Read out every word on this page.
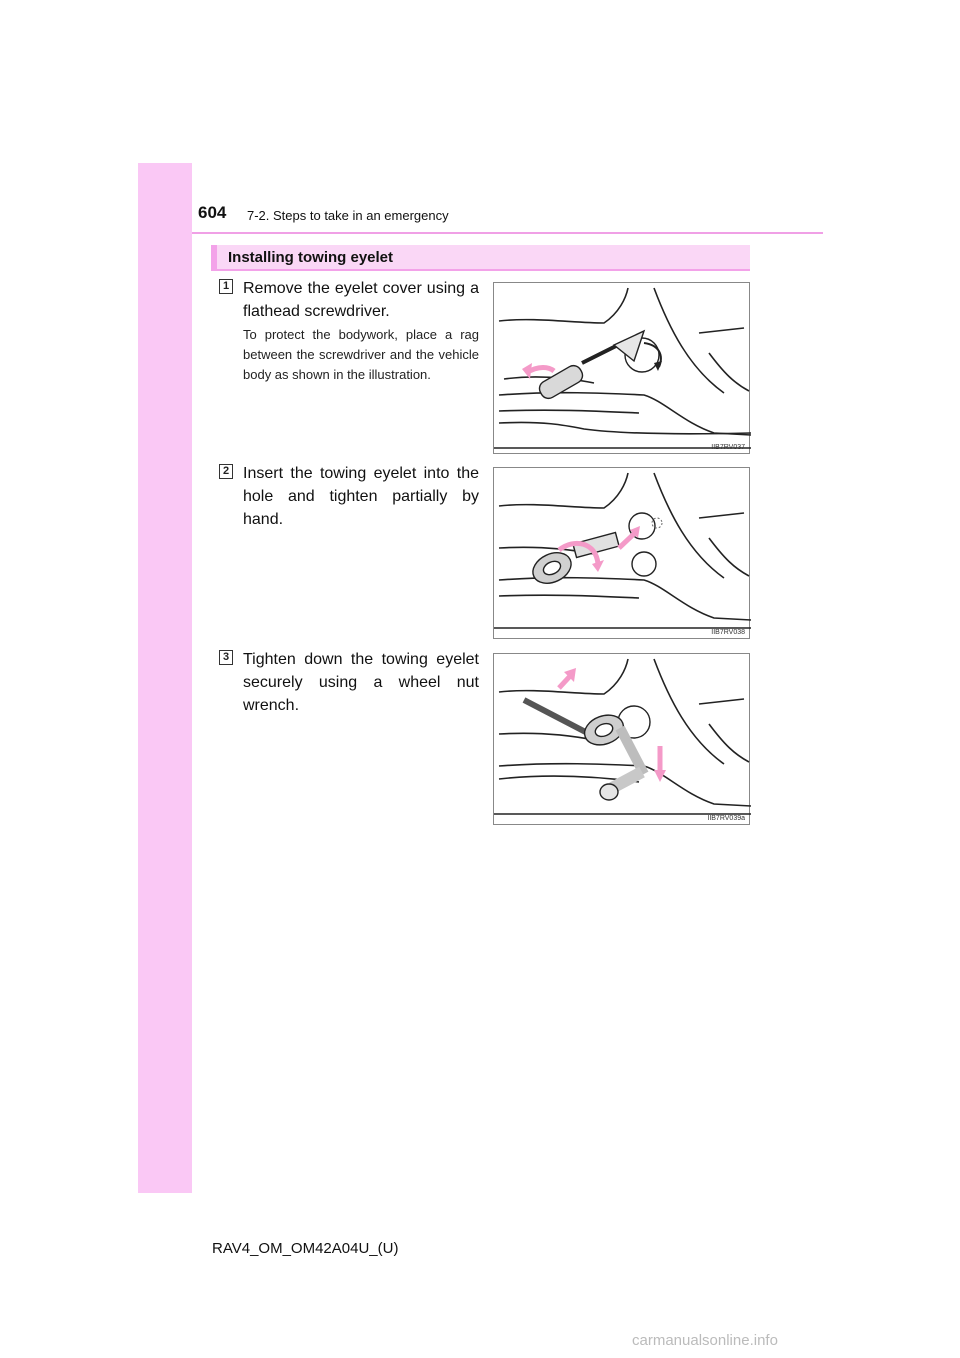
604 7-2. Steps to take in an emergency
Installing towing eyelet
1 Remove the eyelet cover using a flathead screwdriver.
To protect the bodywork, place a rag between the screwdriver and the vehicle body as shown in the illustration.
IIB7RV037
2 Insert the towing eyelet into the hole and tighten partially by hand.
IIB7RV038
3 Tighten down the towing eyelet securely using a wheel nut wrench.
IIB7RV039a
RAV4_OM_OM42A04U_(U)
carmanualsonline.info
